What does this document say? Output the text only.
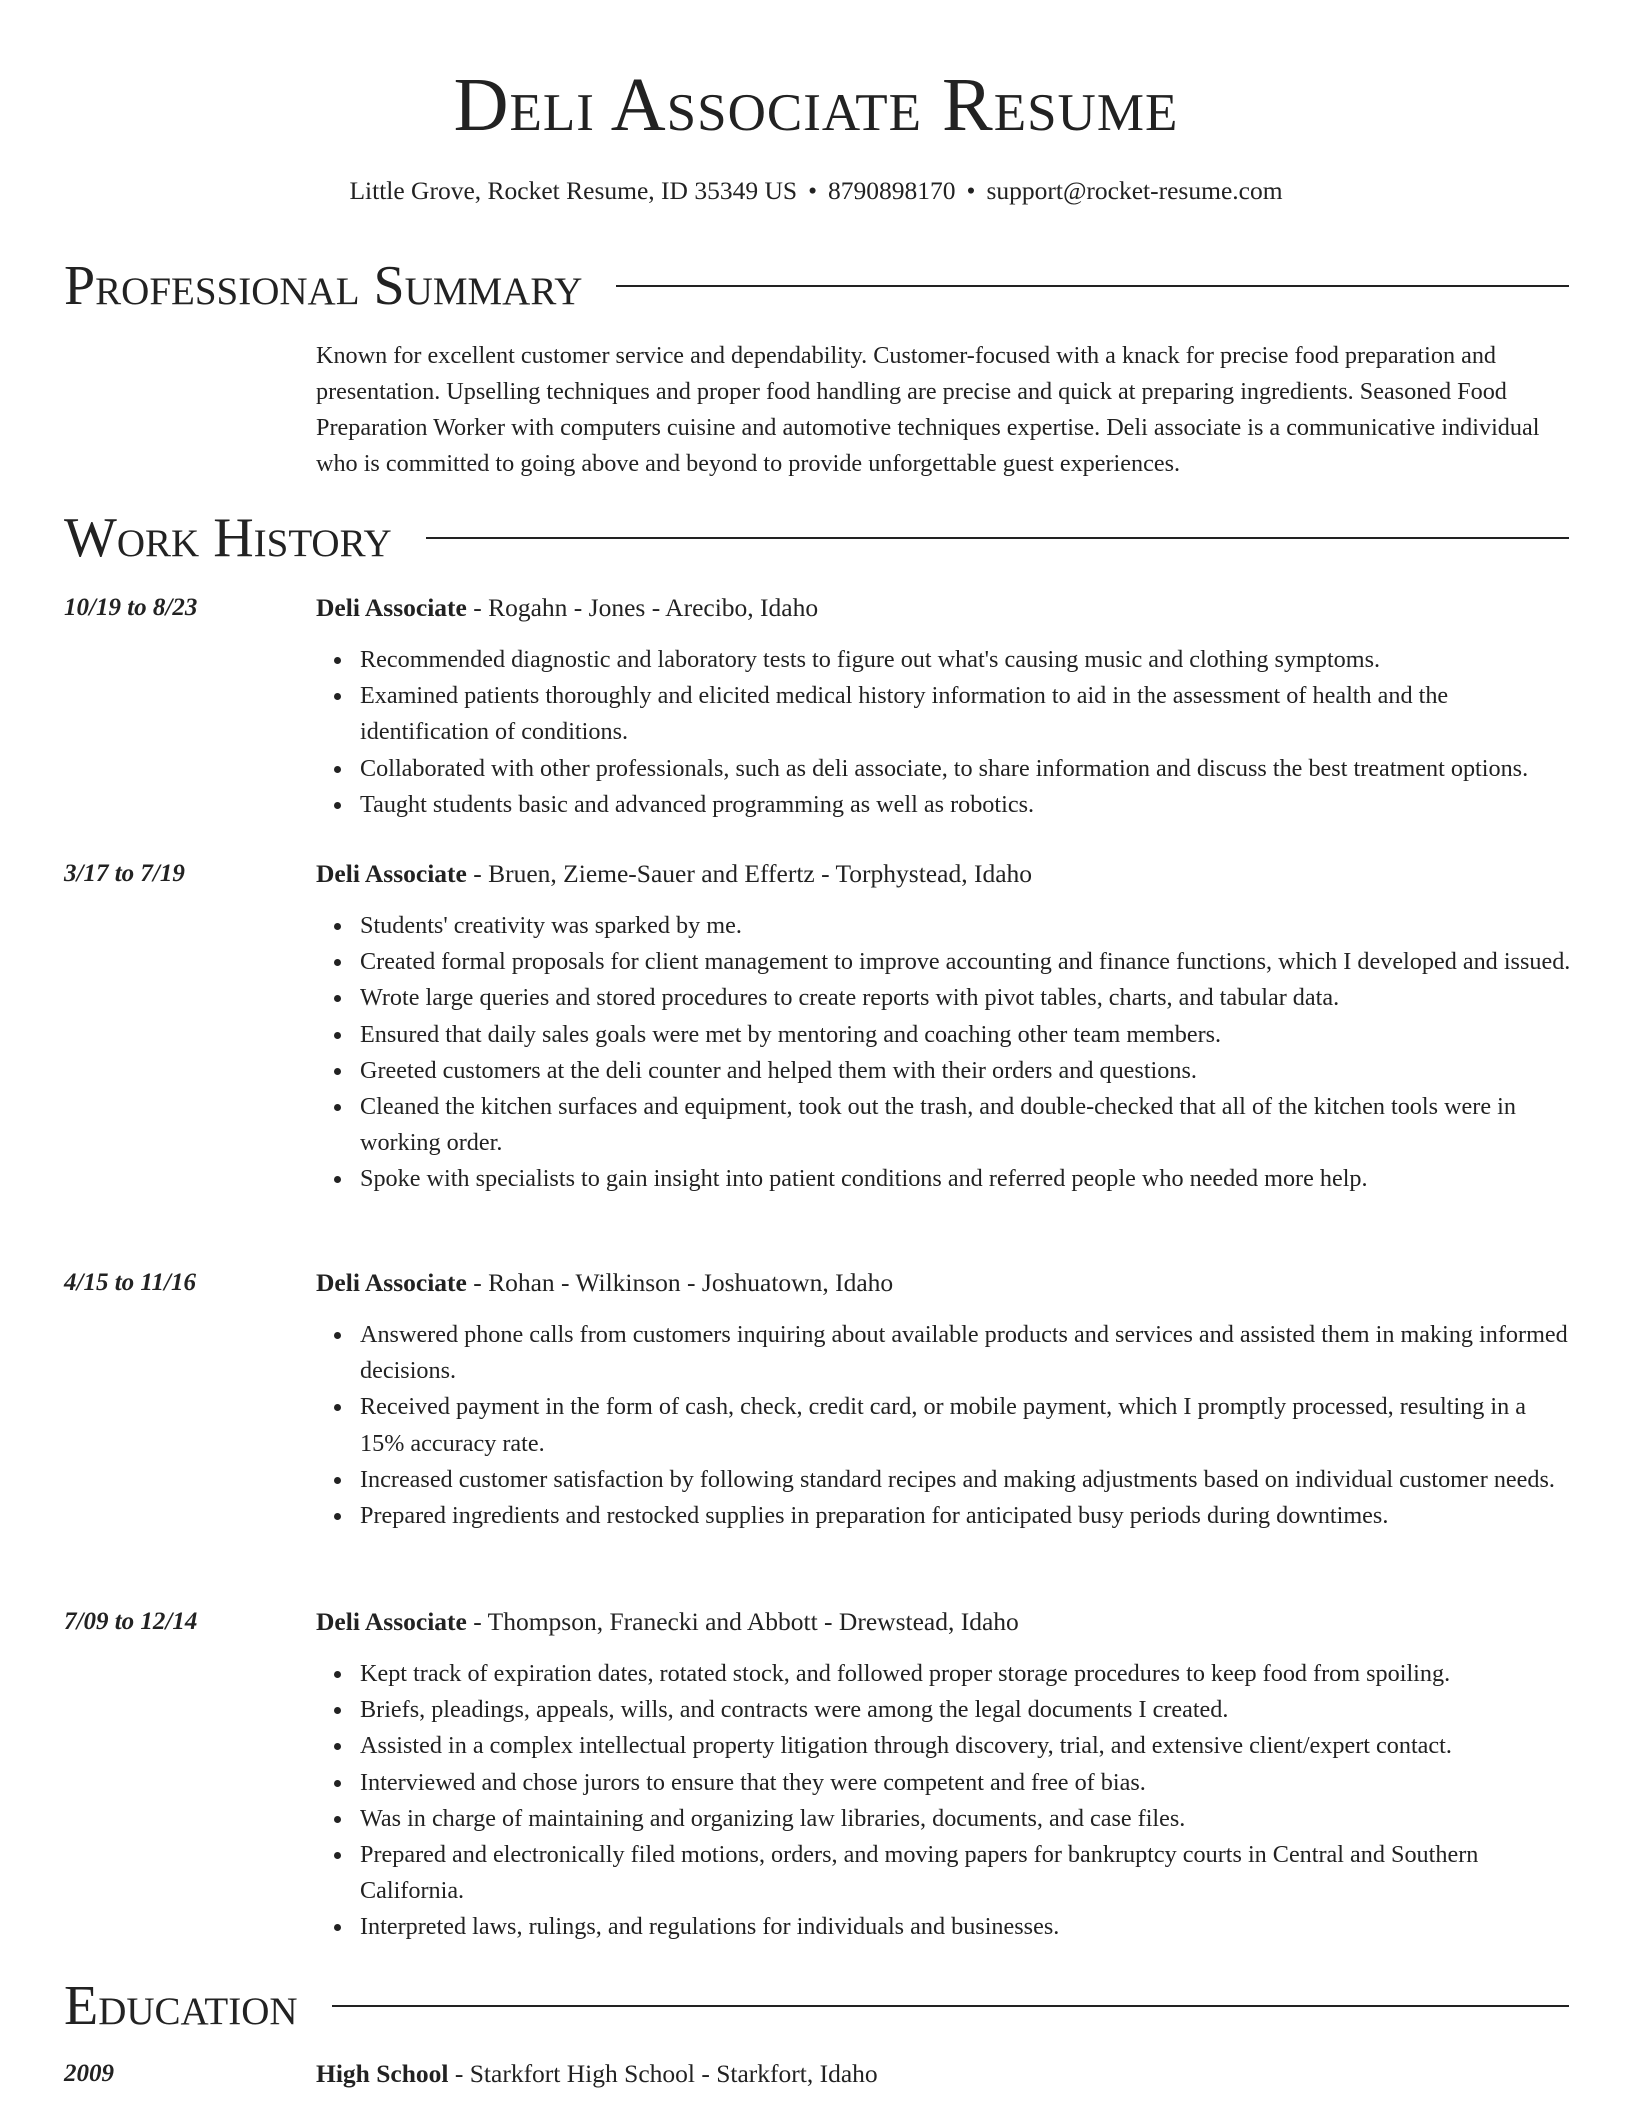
Deli Associate Resume
Little Grove, Rocket Resume, ID 35349 US • 8790898170 • support@rocket-resume.com
Professional Summary

Known for excellent customer service and dependability. Customer-focused with a knack for precise food preparation and presentation. Upselling techniques and proper food handling are precise and quick at preparing ingredients. Seasoned Food Preparation Worker with computers cuisine and automotive techniques expertise. Deli associate is a communicative individual who is committed to going above and beyond to provide unforgettable guest experiences.

Work History
10/19 to 8/23	Deli Associate - Rogahn - Jones - Arecibo, Idaho
Recommended diagnostic and laboratory tests to figure out what's causing music and clothing symptoms.
Examined patients thoroughly and elicited medical history information to aid in the assessment of health and the identification of conditions.
Collaborated with other professionals, such as deli associate, to share information and discuss the best treatment options.
Taught students basic and advanced programming as well as robotics.
3/17 to 7/19	Deli Associate - Bruen, Zieme-Sauer and Effertz - Torphystead, Idaho
Students' creativity was sparked by me.
Created formal proposals for client management to improve accounting and finance functions, which I developed and issued.
Wrote large queries and stored procedures to create reports with pivot tables, charts, and tabular data.
Ensured that daily sales goals were met by mentoring and coaching other team members.
Greeted customers at the deli counter and helped them with their orders and questions.
Cleaned the kitchen surfaces and equipment, took out the trash, and double-checked that all of the kitchen tools were in working order.
Spoke with specialists to gain insight into patient conditions and referred people who needed more help.
4/15 to 11/16	Deli Associate - Rohan - Wilkinson - Joshuatown, Idaho
Answered phone calls from customers inquiring about available products and services and assisted them in making informed decisions.
Received payment in the form of cash, check, credit card, or mobile payment, which I promptly processed, resulting in a 15% accuracy rate.
Increased customer satisfaction by following standard recipes and making adjustments based on individual customer needs.
Prepared ingredients and restocked supplies in preparation for anticipated busy periods during downtimes.
7/09 to 12/14	Deli Associate - Thompson, Franecki and Abbott - Drewstead, Idaho
Kept track of expiration dates, rotated stock, and followed proper storage procedures to keep food from spoiling.
Briefs, pleadings, appeals, wills, and contracts were among the legal documents I created.
Assisted in a complex intellectual property litigation through discovery, trial, and extensive client/expert contact.
Interviewed and chose jurors to ensure that they were competent and free of bias.
Was in charge of maintaining and organizing law libraries, documents, and case files.
Prepared and electronically filed motions, orders, and moving papers for bankruptcy courts in Central and Southern California.
Interpreted laws, rulings, and regulations for individuals and businesses.
Education
2009	High School - Starkfort High School - Starkfort, Idaho
